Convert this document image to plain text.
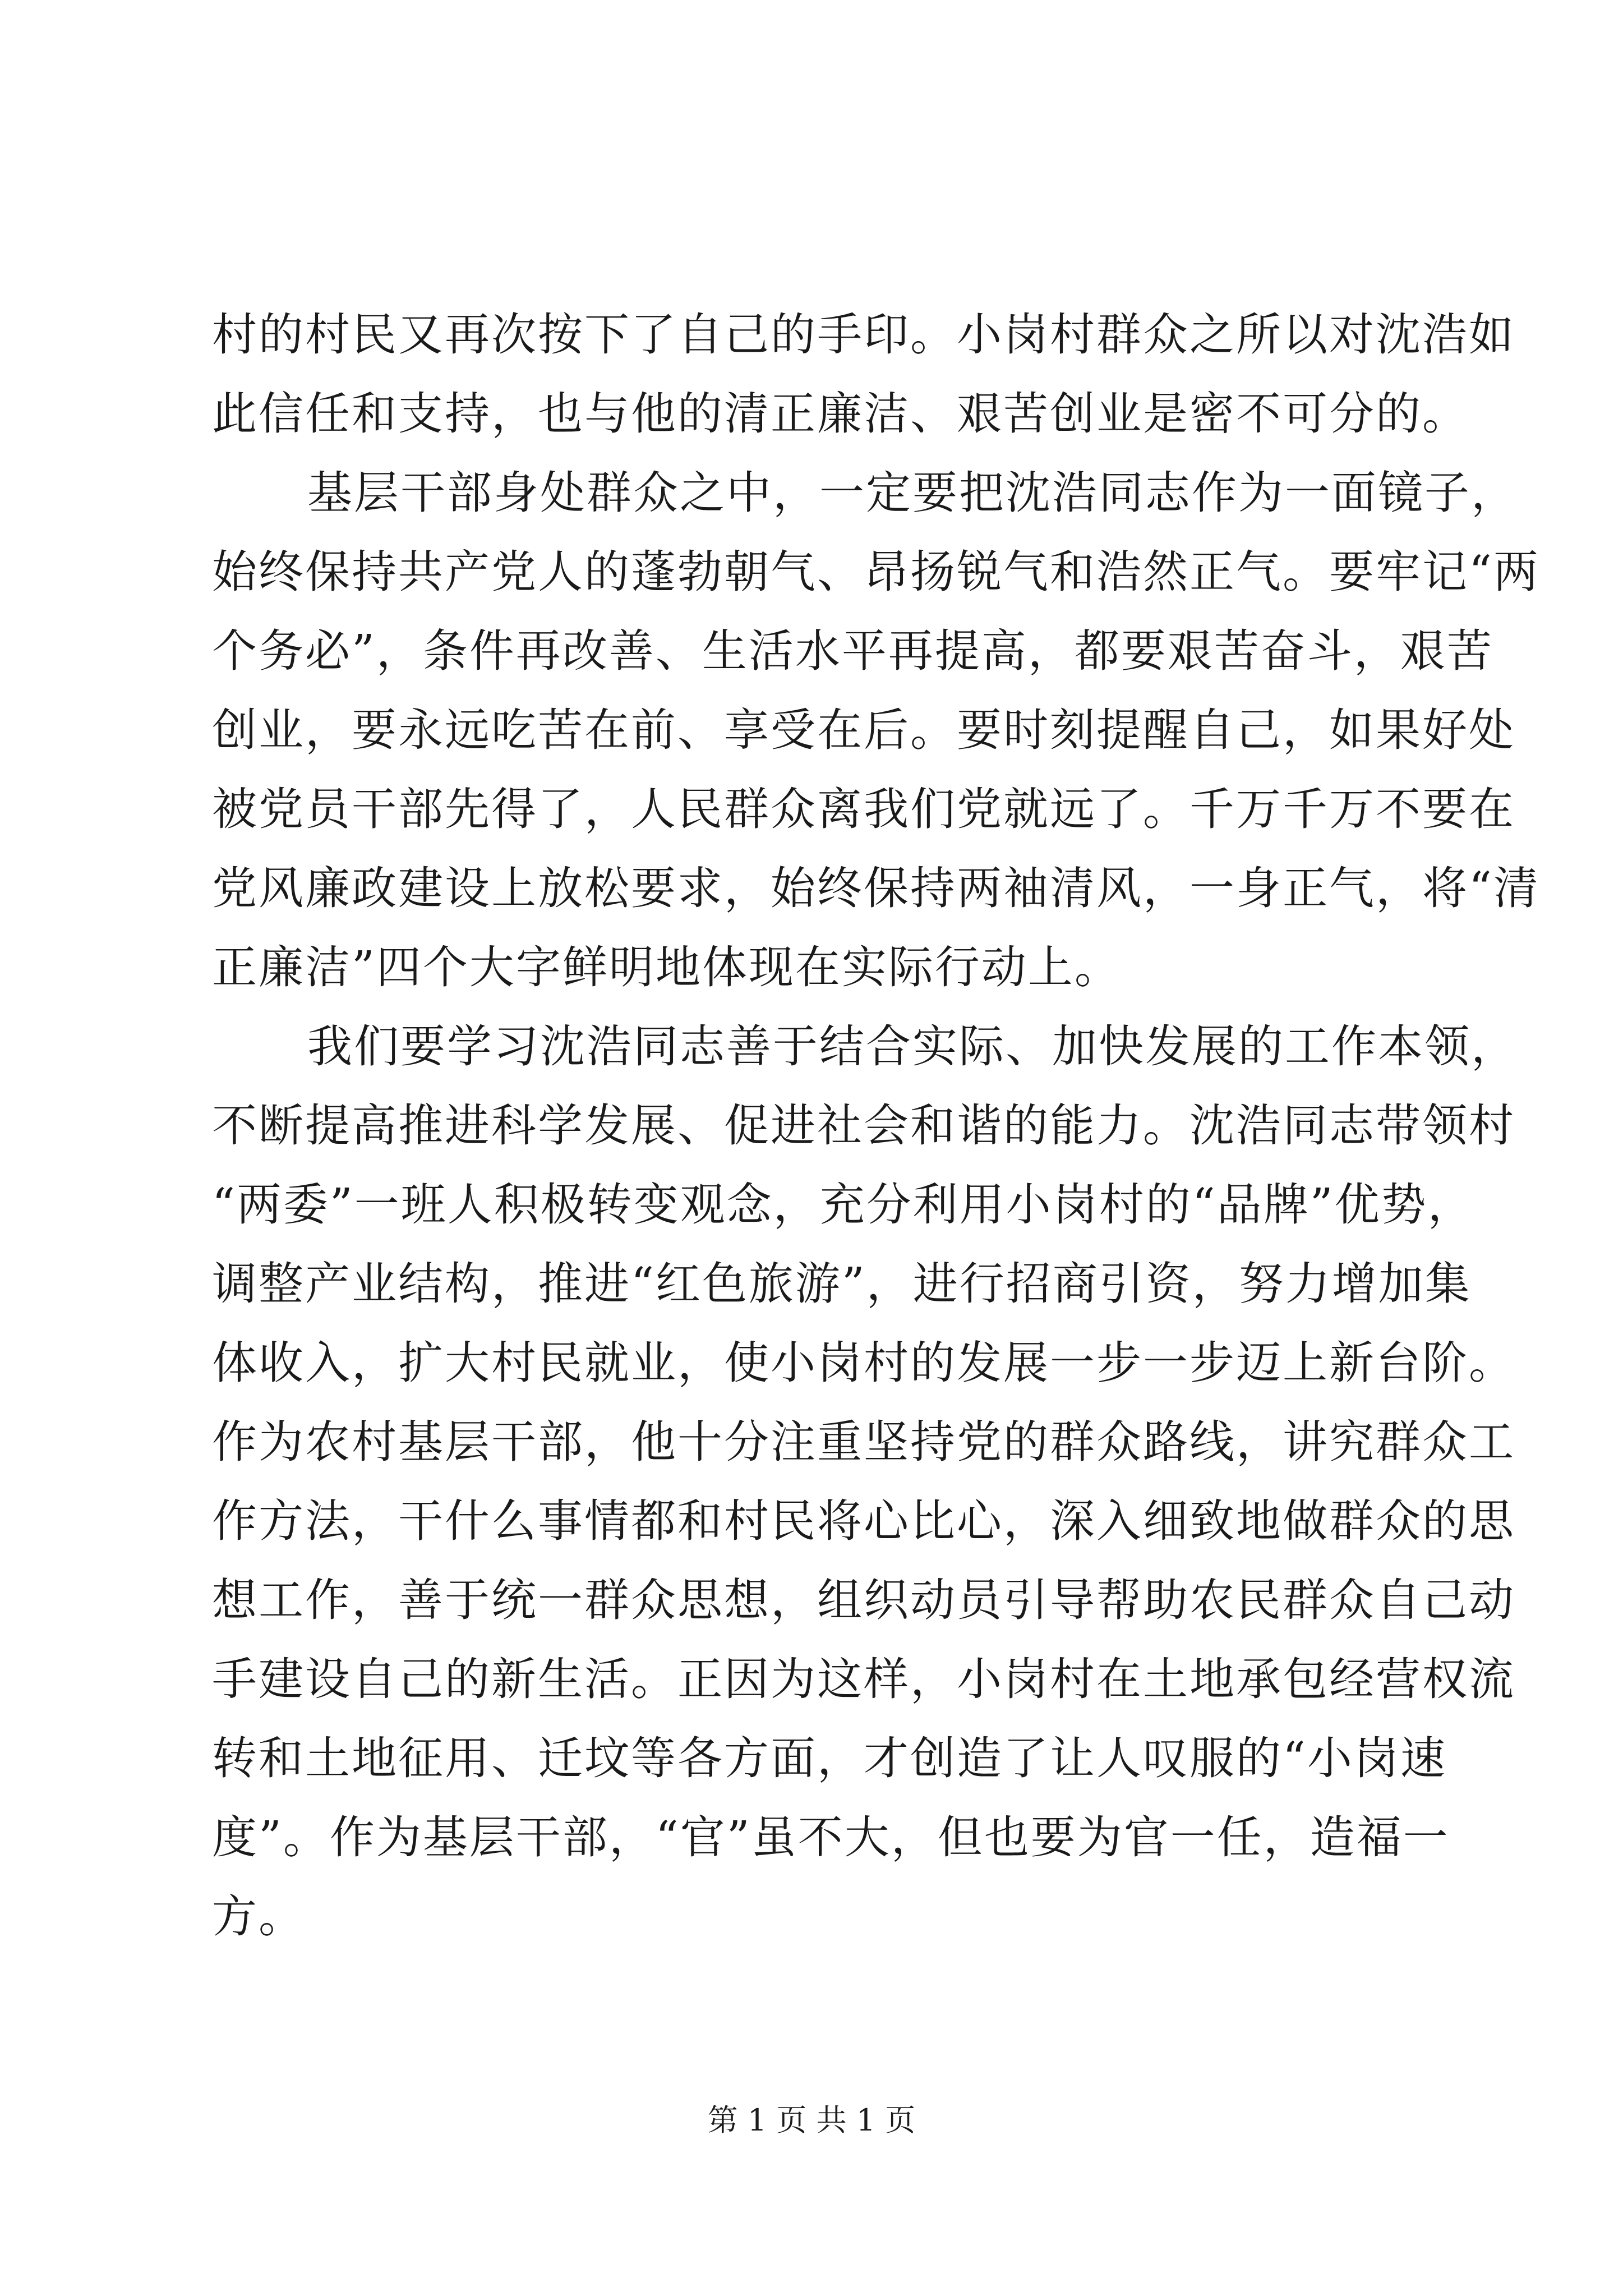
村的村民又再次按下了自己的手印。小岗村群众之所以对沈浩如
此信任和支持，也与他的清正廉洁、艰苦创业是密不可分的。
基层干部身处群众之中，一定要把沈浩同志作为一面镜子，
始终保持共产党人的蓬勃朝气、昂扬锐气和浩然正气。要牢记“两
个务必”，条件再改善、生活水平再提高，都要艰苦奋斗，艰苦
创业，要永远吃苦在前、享受在后。要时刻提醒自己，如果好处
被党员干部先得了，人民群众离我们党就远了。千万千万不要在
党风廉政建设上放松要求，始终保持两袖清风，一身正气，将“清
正廉洁”四个大字鲜明地体现在实际行动上。
我们要学习沈浩同志善于结合实际、加快发展的工作本领，
不断提高推进科学发展、促进社会和谐的能力。沈浩同志带领村
“两委”一班人积极转变观念，充分利用小岗村的“品牌”优势，
调整产业结构，推进“红色旅游”，进行招商引资，努力增加集
体收入，扩大村民就业，使小岗村的发展一步一步迈上新台阶。
作为农村基层干部，他十分注重坚持党的群众路线，讲究群众工
作方法，干什么事情都和村民将心比心，深入细致地做群众的思
想工作，善于统一群众思想，组织动员引导帮助农民群众自己动
手建设自己的新生活。正因为这样，小岗村在土地承包经营权流
转和土地征用、迁坟等各方面，才创造了让人叹服的“小岗速
度”。作为基层干部，“官”虽不大，但也要为官一任，造福一
方。
第 1 页 共 1 页
